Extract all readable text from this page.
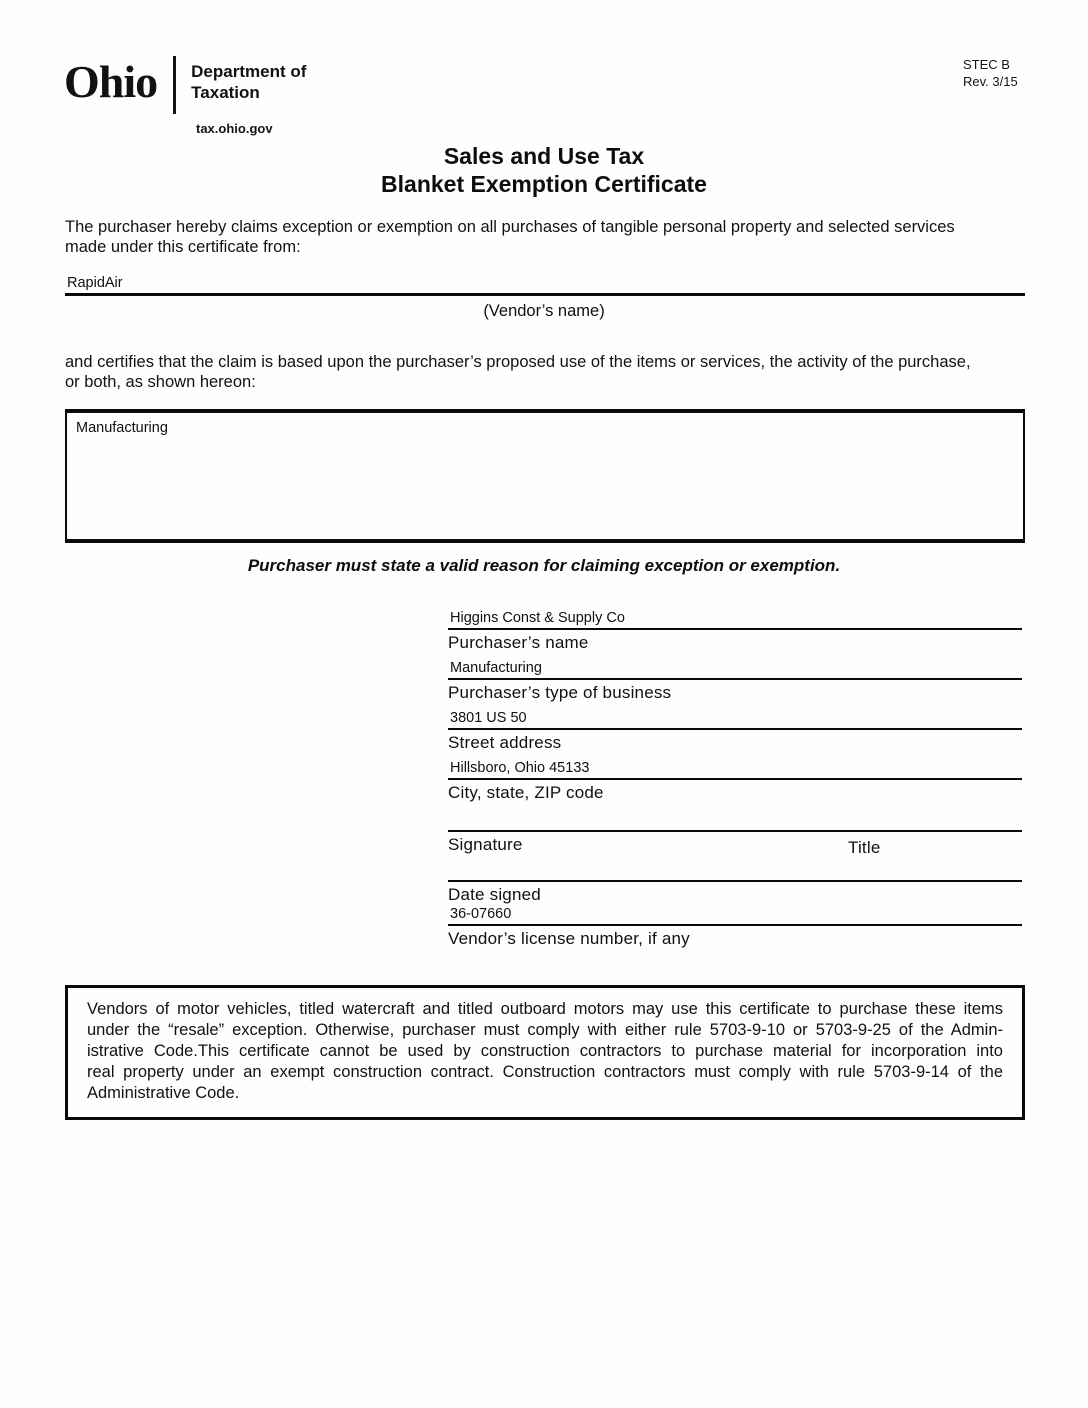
Ohio Department of
Taxation
tax.ohio.gov
STEC B
Rev. 3/15
Sales and Use Tax
Blanket Exemption Certificate
The purchaser hereby claims exception or exemption on all purchases of tangible personal property and selected services
made under this certificate from:
RapidAir
(Vendor’s name)
and certifies that the claim is based upon the purchaser’s proposed use of the items or services, the activity of the purchase,
or both, as shown hereon:
Manufacturing
Purchaser must state a valid reason for claiming exception or exemption.
Higgins Const & Supply Co
Purchaser’s name
Manufacturing
Purchaser’s type of business
3801 US 50
Street address
Hillsboro, Ohio 45133
City, state, ZIP code
Signature	Title
Date signed
36-07660
Vendor’s license number, if any
Vendors of motor vehicles, titled watercraft and titled outboard motors may use this certificate to purchase these items
under the “resale” exception. Otherwise, purchaser must comply with either rule 5703-9-10 or 5703-9-25 of the Admin-
istrative Code.This certificate cannot be used by construction contractors to purchase material for incorporation into
real property under an exempt construction contract. Construction contractors must comply with rule 5703-9-14 of the
Administrative Code.
